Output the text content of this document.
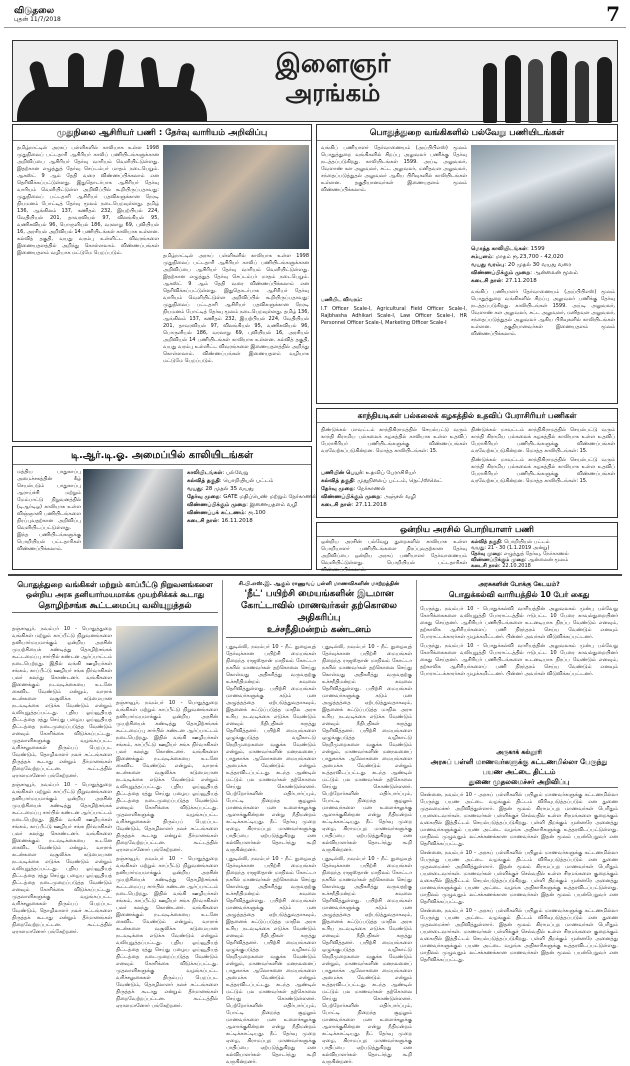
விடுதலை
புதன் 11/7/2018	7
இளைஞர்
அரங்கம்
முதுநிலை ஆசிரியர் பணி : தேர்வு வாரியம் அறிவிப்பு

தமிழ்நாட்டில் அரசுப் பள்ளிகளில் காலியாக உள்ள 1998 முதுநிலைப் பட்டதாரி ஆசிரியர் காலிப் பணியிடங்களுக்கான அறிவிப்பை ஆசிரியர் தேர்வு வாரியம் வெளியிட்டுள்ளது. இதற்கான எழுத்துத் தேர்வு செப்டம்பர் மாதம் நடைபெறும். ஆகஸ்ட் 9 ஆம் தேதி வரை விண்ணப்பிக்கலாம் என தெரிவிக்கப்பட்டுள்ளது. இதுதொடர்பாக ஆசிரியர் தேர்வு வாரியம் வெளியிட்டுள்ள அறிவிப்பில் கூறியிருப்பதாவது: முதுநிலைப் பட்டதாரி ஆசிரியர் பதவிகளுக்கான நேரடி நியமனம் போட்டித் தேர்வு மூலம் நடைபெறவுள்ளது. தமிழ் 136, ஆங்கிலம் 137, கணிதம் 232, இயற்பியல் 224, வேதியியல் 201, தாவரவியல் 97, விலங்கியல் 95, வணிகவியல் 96, பொருளியல் 186, வரலாறு 69, புவியியல் 16, அரசியல் அறிவியல் 14 பணியிடங்கள் காலியாக உள்ளன. கல்வித் தகுதி, வயது வரம்பு உள்ளிட்ட விவரங்களை இணையதளத்தில் அறிந்து கொள்ளலாம். விண்ணப்பங்கள் இணையதளம் வழியாக மட்டுமே பெறப்படும்.	தமிழ்நாட்டில் அரசுப் பள்ளிகளில் காலியாக உள்ள 1998 முதுநிலைப் பட்டதாரி ஆசிரியர் காலிப் பணியிடங்களுக்கான அறிவிப்பை ஆசிரியர் தேர்வு வாரியம் வெளியிட்டுள்ளது. இதற்கான எழுத்துத் தேர்வு செப்டம்பர் மாதம் நடைபெறும். ஆகஸ்ட் 9 ஆம் தேதி வரை விண்ணப்பிக்கலாம் என தெரிவிக்கப்பட்டுள்ளது. இதுதொடர்பாக ஆசிரியர் தேர்வு வாரியம் வெளியிட்டுள்ள அறிவிப்பில் கூறியிருப்பதாவது: முதுநிலைப் பட்டதாரி ஆசிரியர் பதவிகளுக்கான நேரடி நியமனம் போட்டித் தேர்வு மூலம் நடைபெறவுள்ளது. தமிழ் 136, ஆங்கிலம் 137, கணிதம் 232, இயற்பியல் 224, வேதியியல் 201, தாவரவியல் 97, விலங்கியல் 95, வணிகவியல் 96, பொருளியல் 186, வரலாறு 69, புவியியல் 16, அரசியல் அறிவியல் 14 பணியிடங்கள் காலியாக உள்ளன. கல்வித் தகுதி, வயது வரம்பு உள்ளிட்ட விவரங்களை இணையதளத்தில் அறிந்து கொள்ளலாம். விண்ணப்பங்கள் இணையதளம் வழியாக மட்டுமே பெறப்படும்.

பொதுத்துறை வங்கிகளில் பல்வேறு பணியிடங்கள்

வங்கிப் பணியாளர் தேர்வாணையம் (அய்பிபிஎஸ்) மூலம் பொதுத்துறை வங்கிகளில் சிறப்பு அலுவலர் பணிக்கு தேர்வு நடத்தப்படுகிறது. காலியிடங்கள் 1599. அய்டி அலுவலர், வேளாண் கள அலுவலர், சட்ட அலுவலர், மனிதவள அலுவலர், சந்தைப்படுத்துதல் அலுவலர் ஆகிய பிரிவுகளில் காலியிடங்கள் உள்ளன. தகுதியானவர்கள் இணையதளம் மூலம் விண்ணப்பிக்கலாம்.

பணியிட விவரம்:

I.T Officer Scale-I, Agricultural Field Officer Scale-I, Rajbhasha Adhikari Scale-I, Law Officer Scale-I, HR Personnel Officer Scale-I, Marketing Officer Scale-I

மொத்த காலியிடங்கள்: 1599
சம்பளம்: மாதம் ரூ.23,700 - 42,020
வயது வரம்பு: 20 முதல் 30 வயது வரை
விண்ணப்பிக்கும் முறை: ஆன்லைன் மூலம்
கடைசி நாள்: 27.11.2018

வங்கிப் பணியாளர் தேர்வாணையம் (அய்பிபிஎஸ்) மூலம் பொதுத்துறை வங்கிகளில் சிறப்பு அலுவலர் பணிக்கு தேர்வு நடத்தப்படுகிறது. காலியிடங்கள் 1599. அய்டி அலுவலர், வேளாண் கள அலுவலர், சட்ட அலுவலர், மனிதவள அலுவலர், சந்தைப்படுத்துதல் அலுவலர் ஆகிய பிரிவுகளில் காலியிடங்கள் உள்ளன. தகுதியானவர்கள் இணையதளம் மூலம் விண்ணப்பிக்கலாம்.

காந்தியடிகள் பல்கலைக் கழகத்தில் உதவிப் பேராசிரியர் பணிகள்

திண்டுக்கல் மாவட்டம் காந்திகிராமத்தில் செயல்பட்டு வரும் காந்தி கிராமிய பல்கலைக் கழகத்தில் காலியாக உள்ள உதவிப் பேராசிரியர் பணியிடங்களுக்கு விண்ணப்பங்கள் வரவேற்கப்படுகின்றன. மொத்த காலியிடங்கள்: 15.

பணியின் பெயர்: உதவிப் பேராசிரியர்
கல்வித் தகுதி: முதுநிலைப் பட்டம், நெட்/ஸ்லெட்
தேர்வு முறை: நேர்காணல்
விண்ணப்பிக்கும் முறை: அஞ்சல் வழி
கடைசி நாள்: 27.11.2018

திண்டுக்கல் மாவட்டம் காந்திகிராமத்தில் செயல்பட்டு வரும் காந்தி கிராமிய பல்கலைக் கழகத்தில் காலியாக உள்ள உதவிப் பேராசிரியர் பணியிடங்களுக்கு விண்ணப்பங்கள் வரவேற்கப்படுகின்றன. மொத்த காலியிடங்கள்: 15.

திண்டுக்கல் மாவட்டம் காந்திகிராமத்தில் செயல்பட்டு வரும் காந்தி கிராமிய பல்கலைக் கழகத்தில் காலியாக உள்ள உதவிப் பேராசிரியர் பணியிடங்களுக்கு விண்ணப்பங்கள் வரவேற்கப்படுகின்றன. மொத்த காலியிடங்கள்: 15.

டி.ஆர்.டி.ஓ. அமைப்பில் காலியிடங்கள்

மத்திய பாதுகாப்பு அமைச்சகத்தின் கீழ் செயல்படும் பாதுகாப்பு ஆராய்ச்சி மற்றும் மேம்பாட்டு நிறுவனத்தில் (டிஆர்டிஓ) காலியாக உள்ள விஞ்ஞானி பணியிடங்களை நிரப்புவதற்கான அறிவிப்பு வெளியிடப்பட்டுள்ளது. இந்த பணியிடங்களுக்கு பொறியியல் பட்டதாரிகள் விண்ணப்பிக்கலாம்.

காலியிடங்கள்: பல்வேறு
கல்வித் தகுதி: பொறியியல் பட்டம்
வயது: 28 முதல் 35 வயது
தேர்வு முறை: GATE மதிப்பெண் மற்றும் நேர்காணல்
விண்ணப்பிக்கும் முறை: இணையதளம் வழி
விண்ணப்பக் கட்டணம்: ரூ.100
கடைசி நாள்: 16.11.2018
ஒன்றிய அரசில் பொறியாளர் பணி

ஒன்றிய அரசின் பல்வேறு துறைகளில் காலியாக உள்ள பொறியாளர் பணியிடங்களை நிரப்புவதற்கான தேர்வு அறிவிப்பை ஒன்றிய அரசுப் பணியாளர் தேர்வாணையம் வெளியிட்டுள்ளது. பொறியியல் பட்டதாரிகள் விண்ணப்பிக்கலாம்.

கல்வித் தகுதி: பொறியியல் பட்டம்
வயது: 21 - 30 (1.1.2019 அன்று)
தேர்வு முறை: எழுத்துத் தேர்வு, நேர்காணல்
விண்ணப்பிக்கும் முறை: ஆன்லைன் மூலம்
கடைசி நாள்: 22.10.2018
பொதுத்துறை வங்கிகள் மற்றும் காப்பீட்டு நிறுவனங்களை ஒன்றிய அரசு தனியார்மயமாக்க முயற்சிக்கக் கூடாது
தொழிற்சங்க கூட்டமைப்பு வலியுறுத்தல்

தஞ்சாவூர், நவம்பர் 10 - பொதுத்துறை வங்கிகள் மற்றும் காப்பீட்டு நிறுவனங்களை தனியார்மயமாக்கும் ஒன்றிய அரசின் முயற்சியைக் கண்டித்து தொழிற்சங்கக் கூட்டமைப்பு சார்பில் கண்டன ஆர்ப்பாட்டம் நடைபெற்றது. இதில் வங்கி ஊழியர்கள் சங்கம், காப்பீட்டு ஊழியர் சங்க நிர்வாகிகள் பலர் கலந்து கொண்டனர். வங்கிகளை இணைக்கும் நடவடிக்கையை உடனே கைவிட வேண்டும் என்றும், வாராக் கடன்களை வசூலிக்க கடுமையான நடவடிக்கை எடுக்க வேண்டும் என்றும் வலியுறுத்தப்பட்டது. புதிய ஓய்வூதியத் திட்டத்தை ரத்து செய்து பழைய ஓய்வூதியத் திட்டத்தை நடைமுறைப்படுத்த வேண்டும் எனவும் கோரிக்கை விடுக்கப்பட்டது. முதலாளிகளுக்கு வழங்கப்பட்ட வரிச்சலுகைகள் திரும்பப் பெறப்பட வேண்டும், தொழிலாளர் நலச் சட்டங்களை திருத்தக் கூடாது என்றும் தீர்மானங்கள் நிறைவேற்றப்பட்டன. கூட்டத்தில் ஏராளமானோர் பங்கேற்றனர்.

தஞ்சாவூர், நவம்பர் 10 - பொதுத்துறை வங்கிகள் மற்றும் காப்பீட்டு நிறுவனங்களை தனியார்மயமாக்கும் ஒன்றிய அரசின் முயற்சியைக் கண்டித்து தொழிற்சங்கக் கூட்டமைப்பு சார்பில் கண்டன ஆர்ப்பாட்டம் நடைபெற்றது. இதில் வங்கி ஊழியர்கள் சங்கம், காப்பீட்டு ஊழியர் சங்க நிர்வாகிகள் பலர் கலந்து கொண்டனர். வங்கிகளை இணைக்கும் நடவடிக்கையை உடனே கைவிட வேண்டும் என்றும், வாராக் கடன்களை வசூலிக்க கடுமையான நடவடிக்கை எடுக்க வேண்டும் என்றும் வலியுறுத்தப்பட்டது. புதிய ஓய்வூதியத் திட்டத்தை ரத்து செய்து பழைய ஓய்வூதியத் திட்டத்தை நடைமுறைப்படுத்த வேண்டும் எனவும் கோரிக்கை விடுக்கப்பட்டது. முதலாளிகளுக்கு வழங்கப்பட்ட வரிச்சலுகைகள் திரும்பப் பெறப்பட வேண்டும், தொழிலாளர் நலச் சட்டங்களை திருத்தக் கூடாது என்றும் தீர்மானங்கள் நிறைவேற்றப்பட்டன. கூட்டத்தில் ஏராளமானோர் பங்கேற்றனர்.

தஞ்சாவூர், நவம்பர் 10 - பொதுத்துறை வங்கிகள் மற்றும் காப்பீட்டு நிறுவனங்களை தனியார்மயமாக்கும் ஒன்றிய அரசின் முயற்சியைக் கண்டித்து தொழிற்சங்கக் கூட்டமைப்பு சார்பில் கண்டன ஆர்ப்பாட்டம் நடைபெற்றது. இதில் வங்கி ஊழியர்கள் சங்கம், காப்பீட்டு ஊழியர் சங்க நிர்வாகிகள் பலர் கலந்து கொண்டனர். வங்கிகளை இணைக்கும் நடவடிக்கையை உடனே கைவிட வேண்டும் என்றும், வாராக் கடன்களை வசூலிக்க கடுமையான நடவடிக்கை எடுக்க வேண்டும் என்றும் வலியுறுத்தப்பட்டது. புதிய ஓய்வூதியத் திட்டத்தை ரத்து செய்து பழைய ஓய்வூதியத் திட்டத்தை நடைமுறைப்படுத்த வேண்டும் எனவும் கோரிக்கை விடுக்கப்பட்டது. முதலாளிகளுக்கு வழங்கப்பட்ட வரிச்சலுகைகள் திரும்பப் பெறப்பட வேண்டும், தொழிலாளர் நலச் சட்டங்களை திருத்தக் கூடாது என்றும் தீர்மானங்கள் நிறைவேற்றப்பட்டன. கூட்டத்தில் ஏராளமானோர் பங்கேற்றனர்.

தஞ்சாவூர், நவம்பர் 10 - பொதுத்துறை வங்கிகள் மற்றும் காப்பீட்டு நிறுவனங்களை தனியார்மயமாக்கும் ஒன்றிய அரசின் முயற்சியைக் கண்டித்து தொழிற்சங்கக் கூட்டமைப்பு சார்பில் கண்டன ஆர்ப்பாட்டம் நடைபெற்றது. இதில் வங்கி ஊழியர்கள் சங்கம், காப்பீட்டு ஊழியர் சங்க நிர்வாகிகள் பலர் கலந்து கொண்டனர். வங்கிகளை இணைக்கும் நடவடிக்கையை உடனே கைவிட வேண்டும் என்றும், வாராக் கடன்களை வசூலிக்க கடுமையான நடவடிக்கை எடுக்க வேண்டும் என்றும் வலியுறுத்தப்பட்டது. புதிய ஓய்வூதியத் திட்டத்தை ரத்து செய்து பழைய ஓய்வூதியத் திட்டத்தை நடைமுறைப்படுத்த வேண்டும் எனவும் கோரிக்கை விடுக்கப்பட்டது. முதலாளிகளுக்கு வழங்கப்பட்ட வரிச்சலுகைகள் திரும்பப் பெறப்பட வேண்டும், தொழிலாளர் நலச் சட்டங்களை திருத்தக் கூடாது என்றும் தீர்மானங்கள் நிறைவேற்றப்பட்டன. கூட்டத்தில் ஏராளமானோர் பங்கேற்றனர்.

சி.பி.எஸ்.இ. ஆகும் ராணுவப் பள்ளி மாணவிகளின் மாற்றத்தின்
'நீட்' பயிற்சி மையங்களின் இடமான கோட்டாவில் மாணவர்கள் தற்கொலை அதிகரிப்பு
உச்சநீதிமன்றம் கண்டனம்

புதுடில்லி, நவம்பர் 10 - நீட் நுழைவுத் தேர்வுக்கான பயிற்சி மையங்கள் நிறைந்த ராஜஸ்தான் மாநிலம் கோட்டா நகரில் மாணவர்கள் தற்கொலை செய்து கொள்வது அதிகரித்து வருவதற்கு உச்சநீதிமன்றம் கவலை தெரிவித்துள்ளது. பயிற்சி மையங்கள் மாணவர்களுக்கு கடும் மன அழுத்தத்தை ஏற்படுத்துவதாகவும், இதனைக் கட்டுப்படுத்த மாநில அரசு உரிய நடவடிக்கை எடுக்க வேண்டும் எனவும் நீதிபதிகள் கருத்து தெரிவித்தனர். பயிற்சி மையங்களை ஒழுங்குபடுத்த வழிகாட்டு நெறிமுறைகளை வகுக்க வேண்டும் என்றும், மாணவர்களின் மனநலனைப் பாதுகாக்க ஆலோசனை மையங்களை அமைக்க வேண்டும் என்றும் உத்தரவிடப்பட்டது. கடந்த ஆண்டில் மட்டும் பல மாணவர்கள் தற்கொலை செய்து கொண்டுள்ளனர். பெற்றோர்களின் எதிர்பார்ப்பும், போட்டி நிறைந்த சூழலும் மாணவர்களை மன உளைச்சலுக்கு ஆளாக்குகின்றன என்று நீதிமன்றம் சுட்டிக்காட்டியது. நீட் தேர்வு முறை ஏழை, கிராமப்புற மாணவர்களுக்கு பாதிப்பை ஏற்படுத்துகிறது என கல்வியாளர்கள் தொடர்ந்து கூறி வருகின்றனர்.

புதுடில்லி, நவம்பர் 10 - நீட் நுழைவுத் தேர்வுக்கான பயிற்சி மையங்கள் நிறைந்த ராஜஸ்தான் மாநிலம் கோட்டா நகரில் மாணவர்கள் தற்கொலை செய்து கொள்வது அதிகரித்து வருவதற்கு உச்சநீதிமன்றம் கவலை தெரிவித்துள்ளது. பயிற்சி மையங்கள் மாணவர்களுக்கு கடும் மன அழுத்தத்தை ஏற்படுத்துவதாகவும், இதனைக் கட்டுப்படுத்த மாநில அரசு உரிய நடவடிக்கை எடுக்க வேண்டும் எனவும் நீதிபதிகள் கருத்து தெரிவித்தனர். பயிற்சி மையங்களை ஒழுங்குபடுத்த வழிகாட்டு நெறிமுறைகளை வகுக்க வேண்டும் என்றும், மாணவர்களின் மனநலனைப் பாதுகாக்க ஆலோசனை மையங்களை அமைக்க வேண்டும் என்றும் உத்தரவிடப்பட்டது. கடந்த ஆண்டில் மட்டும் பல மாணவர்கள் தற்கொலை செய்து கொண்டுள்ளனர். பெற்றோர்களின் எதிர்பார்ப்பும், போட்டி நிறைந்த சூழலும் மாணவர்களை மன உளைச்சலுக்கு ஆளாக்குகின்றன என்று நீதிமன்றம் சுட்டிக்காட்டியது. நீட் தேர்வு முறை ஏழை, கிராமப்புற மாணவர்களுக்கு பாதிப்பை ஏற்படுத்துகிறது என கல்வியாளர்கள் தொடர்ந்து கூறி வருகின்றனர்.

புதுடில்லி, நவம்பர் 10 - நீட் நுழைவுத் தேர்வுக்கான பயிற்சி மையங்கள் நிறைந்த ராஜஸ்தான் மாநிலம் கோட்டா நகரில் மாணவர்கள் தற்கொலை செய்து கொள்வது அதிகரித்து வருவதற்கு உச்சநீதிமன்றம் கவலை தெரிவித்துள்ளது. பயிற்சி மையங்கள் மாணவர்களுக்கு கடும் மன அழுத்தத்தை ஏற்படுத்துவதாகவும், இதனைக் கட்டுப்படுத்த மாநில அரசு உரிய நடவடிக்கை எடுக்க வேண்டும் எனவும் நீதிபதிகள் கருத்து தெரிவித்தனர். பயிற்சி மையங்களை ஒழுங்குபடுத்த வழிகாட்டு நெறிமுறைகளை வகுக்க வேண்டும் என்றும், மாணவர்களின் மனநலனைப் பாதுகாக்க ஆலோசனை மையங்களை அமைக்க வேண்டும் என்றும் உத்தரவிடப்பட்டது. கடந்த ஆண்டில் மட்டும் பல மாணவர்கள் தற்கொலை செய்து கொண்டுள்ளனர். பெற்றோர்களின் எதிர்பார்ப்பும், போட்டி நிறைந்த சூழலும் மாணவர்களை மன உளைச்சலுக்கு ஆளாக்குகின்றன என்று நீதிமன்றம் சுட்டிக்காட்டியது. நீட் தேர்வு முறை ஏழை, கிராமப்புற மாணவர்களுக்கு பாதிப்பை ஏற்படுத்துகிறது என கல்வியாளர்கள் தொடர்ந்து கூறி வருகின்றனர்.

புதுடில்லி, நவம்பர் 10 - நீட் நுழைவுத் தேர்வுக்கான பயிற்சி மையங்கள் நிறைந்த ராஜஸ்தான் மாநிலம் கோட்டா நகரில் மாணவர்கள் தற்கொலை செய்து கொள்வது அதிகரித்து வருவதற்கு உச்சநீதிமன்றம் கவலை தெரிவித்துள்ளது. பயிற்சி மையங்கள் மாணவர்களுக்கு கடும் மன அழுத்தத்தை ஏற்படுத்துவதாகவும், இதனைக் கட்டுப்படுத்த மாநில அரசு உரிய நடவடிக்கை எடுக்க வேண்டும் எனவும் நீதிபதிகள் கருத்து தெரிவித்தனர். பயிற்சி மையங்களை ஒழுங்குபடுத்த வழிகாட்டு நெறிமுறைகளை வகுக்க வேண்டும் என்றும், மாணவர்களின் மனநலனைப் பாதுகாக்க ஆலோசனை மையங்களை அமைக்க வேண்டும் என்றும் உத்தரவிடப்பட்டது. கடந்த ஆண்டில் மட்டும் பல மாணவர்கள் தற்கொலை செய்து கொண்டுள்ளனர். பெற்றோர்களின் எதிர்பார்ப்பும், போட்டி நிறைந்த சூழலும் மாணவர்களை மன உளைச்சலுக்கு ஆளாக்குகின்றன என்று நீதிமன்றம் சுட்டிக்காட்டியது. நீட் தேர்வு முறை ஏழை, கிராமப்புற மாணவர்களுக்கு பாதிப்பை ஏற்படுத்துகிறது என கல்வியாளர்கள் தொடர்ந்து கூறி வருகின்றனர்.

அரசுகளின் போக்கு கேடயம்?
பொதுக்கல்வி வாரியத்தில் 10 பேர் கைது

பேருந்து, நவம்பர் 10 - பொதுக்கல்வி வாரியத்தின் அலுவலகம் முன்பு பல்வேறு கோரிக்கைகளை வலியுறுத்தி போராட்டத்தில் ஈடுபட்ட 10 பேரை காவல்துறையினர் கைது செய்தனர். ஆசிரியர் பணியிடங்களை உடனடியாக நிரப்ப வேண்டும் எனவும், தற்காலிக ஆசிரியர்களைப் பணி நிரந்தரம் செய்ய வேண்டும் எனவும் போராட்டக்காரர்கள் முழக்கமிட்டனர். பின்னர் அவர்கள் விடுவிக்கப்பட்டனர்.

பேருந்து, நவம்பர் 10 - பொதுக்கல்வி வாரியத்தின் அலுவலகம் முன்பு பல்வேறு கோரிக்கைகளை வலியுறுத்தி போராட்டத்தில் ஈடுபட்ட 10 பேரை காவல்துறையினர் கைது செய்தனர். ஆசிரியர் பணியிடங்களை உடனடியாக நிரப்ப வேண்டும் எனவும், தற்காலிக ஆசிரியர்களைப் பணி நிரந்தரம் செய்ய வேண்டும் எனவும் போராட்டக்காரர்கள் முழக்கமிட்டனர். பின்னர் அவர்கள் விடுவிக்கப்பட்டனர்.

அருகாக் கல்லூரி
அரசுப் பள்ளி மாணவர்களுக்கு கட்டணமில்லா பேருந்து பயண அட்டை திட்டம்
துணை முதலமைச்சர் அறிவிப்பு

சென்னை, நவம்பர் 10 - அரசுப் பள்ளிகளில் பயிலும் மாணவர்களுக்கு கட்டணமில்லா பேருந்து பயண அட்டை வழங்கும் திட்டம் விரிவுபடுத்தப்படும் என துணை முதலமைச்சர் அறிவித்துள்ளார். இதன் மூலம் கிராமப்புற மாணவர்கள் பெரிதும் பயனடைவார்கள். மாணவர்கள் பள்ளிக்குச் செல்வதில் உள்ள சிரமங்களை குறைக்கும் வகையில் இத்திட்டம் செயல்படுத்தப்படுகிறது. பள்ளி திறக்கும் முன்னரே அனைத்து மாணவர்களுக்கும் பயண அட்டை வழங்க அதிகாரிகளுக்கு உத்தரவிடப்பட்டுள்ளது. மாநிலம் முழுவதும் லட்சக்கணக்கான மாணவர்கள் இதன் மூலம் பயன்பெறுவர் என தெரிவிக்கப்பட்டது.

சென்னை, நவம்பர் 10 - அரசுப் பள்ளிகளில் பயிலும் மாணவர்களுக்கு கட்டணமில்லா பேருந்து பயண அட்டை வழங்கும் திட்டம் விரிவுபடுத்தப்படும் என துணை முதலமைச்சர் அறிவித்துள்ளார். இதன் மூலம் கிராமப்புற மாணவர்கள் பெரிதும் பயனடைவார்கள். மாணவர்கள் பள்ளிக்குச் செல்வதில் உள்ள சிரமங்களை குறைக்கும் வகையில் இத்திட்டம் செயல்படுத்தப்படுகிறது. பள்ளி திறக்கும் முன்னரே அனைத்து மாணவர்களுக்கும் பயண அட்டை வழங்க அதிகாரிகளுக்கு உத்தரவிடப்பட்டுள்ளது. மாநிலம் முழுவதும் லட்சக்கணக்கான மாணவர்கள் இதன் மூலம் பயன்பெறுவர் என தெரிவிக்கப்பட்டது.

சென்னை, நவம்பர் 10 - அரசுப் பள்ளிகளில் பயிலும் மாணவர்களுக்கு கட்டணமில்லா பேருந்து பயண அட்டை வழங்கும் திட்டம் விரிவுபடுத்தப்படும் என துணை முதலமைச்சர் அறிவித்துள்ளார். இதன் மூலம் கிராமப்புற மாணவர்கள் பெரிதும் பயனடைவார்கள். மாணவர்கள் பள்ளிக்குச் செல்வதில் உள்ள சிரமங்களை குறைக்கும் வகையில் இத்திட்டம் செயல்படுத்தப்படுகிறது. பள்ளி திறக்கும் முன்னரே அனைத்து மாணவர்களுக்கும் பயண அட்டை வழங்க அதிகாரிகளுக்கு உத்தரவிடப்பட்டுள்ளது. மாநிலம் முழுவதும் லட்சக்கணக்கான மாணவர்கள் இதன் மூலம் பயன்பெறுவர் என தெரிவிக்கப்பட்டது.
